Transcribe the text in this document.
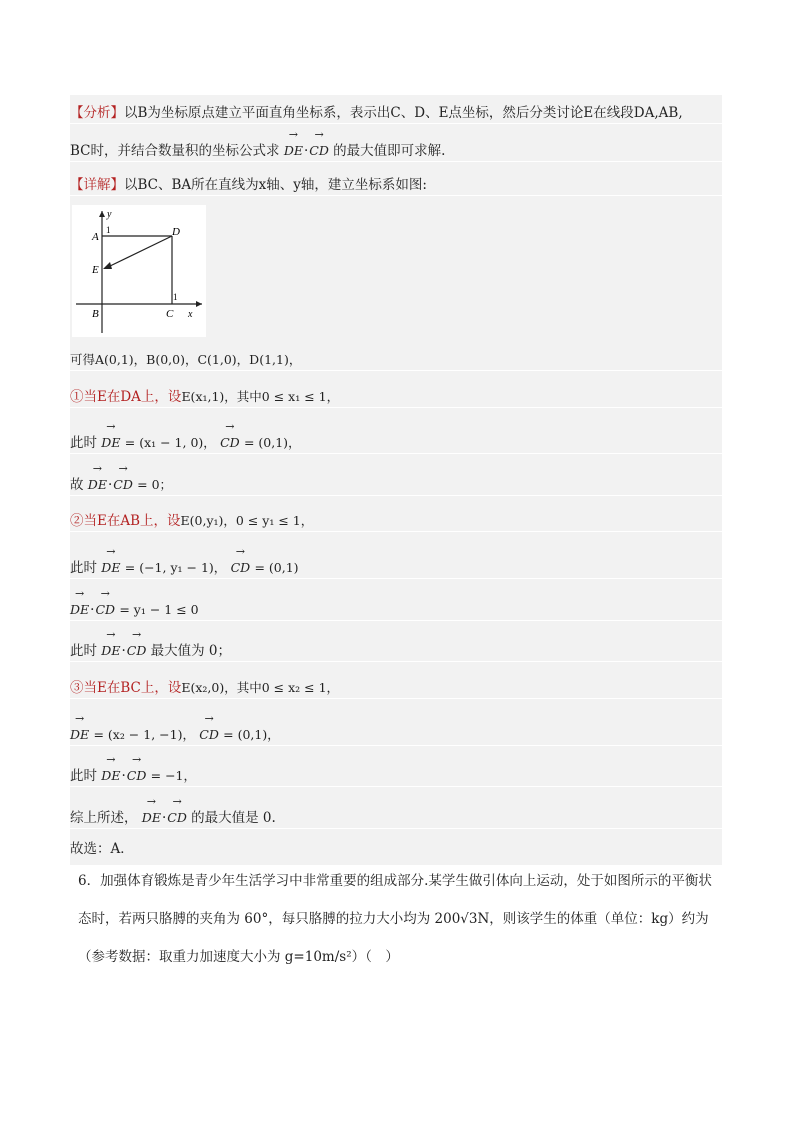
【分析】以B为坐标原点建立平面直角坐标系，表示出C、D、E点坐标，然后分类讨论E在线段DA,AB,
BC时，并结合数量积的坐标公式求 → DE·→ CD 的最大值即可求解.
【详解】以BC、BA所在直线为x轴、y轴，建立坐标系如图:
A
1	D
E
y
1
B	C x
可得A(0,1)，B(0,0)，C(1,0)，D(1,1)，
①当E在DA上，设E(x₁,1)，其中0 ≤ x₁ ≤ 1，
此时 → DE = (x₁ − 1, 0)， → CD = (0,1)，
故 → DE·→ CD = 0；
②当E在AB上，设E(0,y₁)，0 ≤ y₁ ≤ 1，
此时 → DE = (−1, y₁ − 1)， → CD = (0,1)
→ DE·→ CD = y₁ − 1 ≤ 0
此时 → DE·→ CD 最大值为 0；
③当E在BC上，设E(x₂,0)，其中0 ≤ x₂ ≤ 1，
→ DE = (x₂ − 1, −1)， → CD = (0,1)，
此时 → DE·→ CD = −1，
综上所述， → DE·→ CD 的最大值是 0.
故选：A．
6．加强体育锻炼是青少年生活学习中非常重要的组成部分.某学生做引体向上运动，处于如图所示的平衡状
态时，若两只胳膊的夹角为 60°，每只胳膊的拉力大小均为 200√3N，则该学生的体重（单位：kg）约为
（参考数据：取重力加速度大小为 g=10m/s²）（　）
